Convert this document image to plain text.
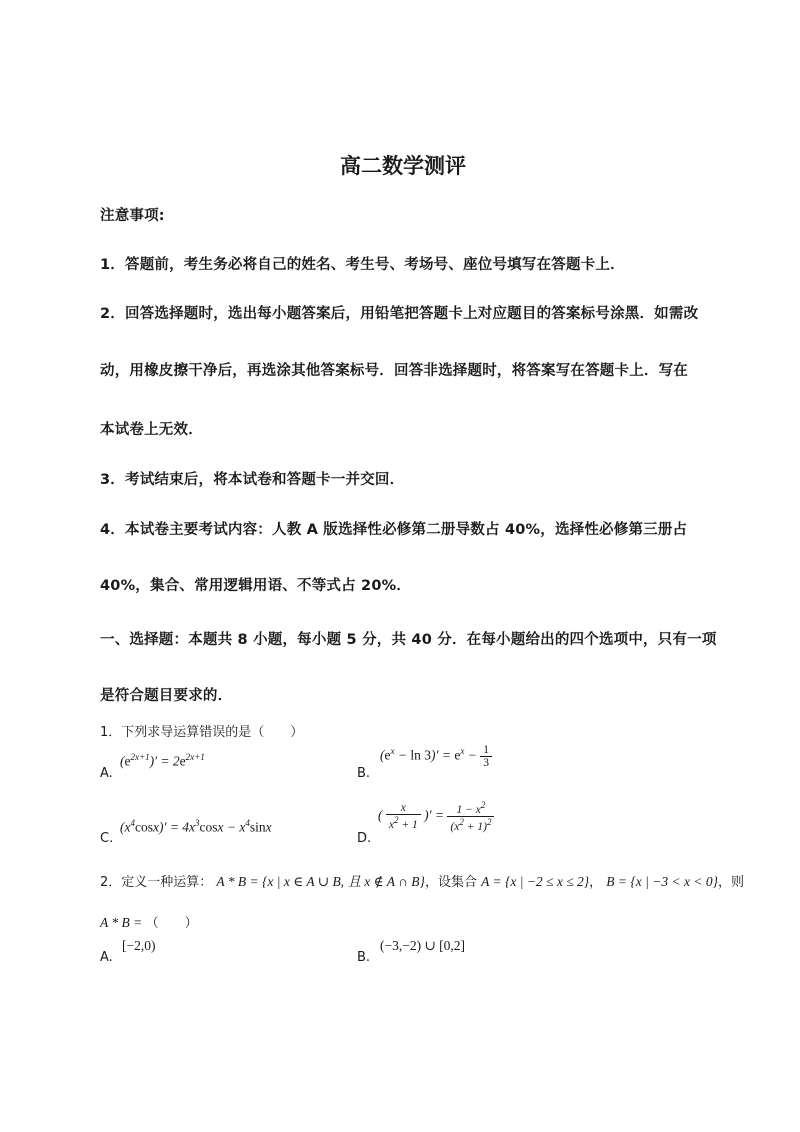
高二数学测评
注意事项:
1．答题前，考生务必将自己的姓名、考生号、考场号、座位号填写在答题卡上．
2．回答选择题时，选出每小题答案后，用铅笔把答题卡上对应题目的答案标号涂黑．如需改
动，用橡皮擦干净后，再选涂其他答案标号．回答非选择题时，将答案写在答题卡上．写在
本试卷上无效．
3．考试结束后，将本试卷和答题卡一并交回．
4．本试卷主要考试内容：人教 A 版选择性必修第二册导数占 40%，选择性必修第三册占
40%，集合、常用逻辑用语、不等式占 20%．
一、选择题：本题共 8 小题，每小题 5 分，共 40 分．在每小题给出的四个选项中，只有一项
是符合题目要求的．
1．下列求导运算错误的是（　　）
A.
$(e^{2x+1})' = 2e^{2x+1}$
B.
$(e^x - \ln 3)' = e^x - \frac{1}{3}$
C.
$(x^4\cos x)' = 4x^3\cos x - x^4\sin x$
D.
( $\frac{x}{x^2 + 1}$ )′ = $\frac{1 - x^2}{(x^2 + 1)^2}$
2．定义一种运算： A * B = {x | x ∈ A ∪ B, 且 x ∉ A ∩ B}，设集合 A = {x | −2 ≤ x ≤ 2}， B = {x | −3 < x < 0}，则
A * B = （　　）
A.
[−2,0)
B.
(−3,−2) ∪ [0,2]
